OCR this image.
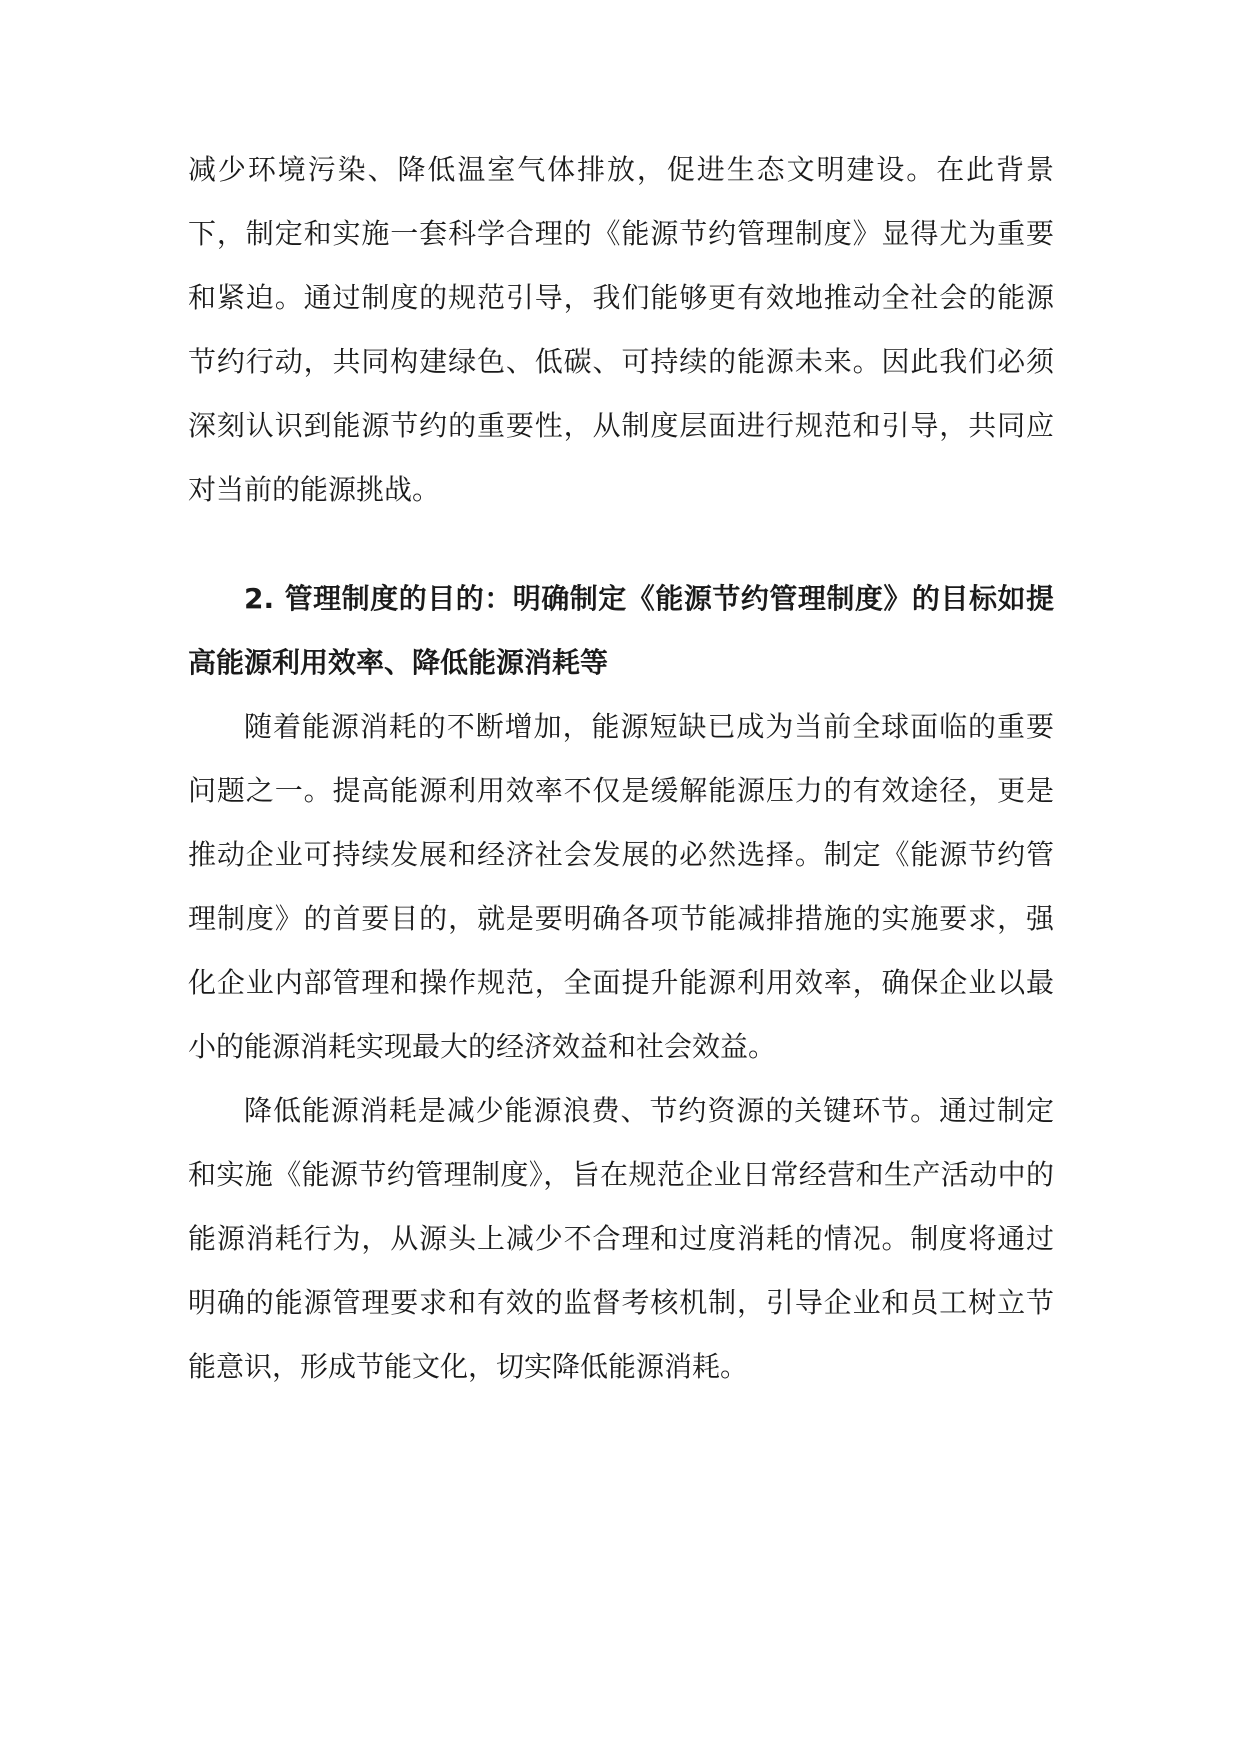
减少环境污染、降低温室气体排放，促进生态文明建设。在此背景下，制定和实施一套科学合理的《能源节约管理制度》显得尤为重要和紧迫。通过制度的规范引导，我们能够更有效地推动全社会的能源节约行动，共同构建绿色、低碳、可持续的能源未来。因此我们必须深刻认识到能源节约的重要性，从制度层面进行规范和引导，共同应对当前的能源挑战。

2. 管理制度的目的：明确制定《能源节约管理制度》的目标如提高能源利用效率、降低能源消耗等

随着能源消耗的不断增加，能源短缺已成为当前全球面临的重要问题之一。提高能源利用效率不仅是缓解能源压力的有效途径，更是推动企业可持续发展和经济社会发展的必然选择。制定《能源节约管理制度》的首要目的，就是要明确各项节能减排措施的实施要求，强化企业内部管理和操作规范，全面提升能源利用效率，确保企业以最小的能源消耗实现最大的经济效益和社会效益。

降低能源消耗是减少能源浪费、节约资源的关键环节。通过制定和实施《能源节约管理制度》，旨在规范企业日常经营和生产活动中的能源消耗行为，从源头上减少不合理和过度消耗的情况。制度将通过明确的能源管理要求和有效的监督考核机制，引导企业和员工树立节能意识，形成节能文化，切实降低能源消耗。
